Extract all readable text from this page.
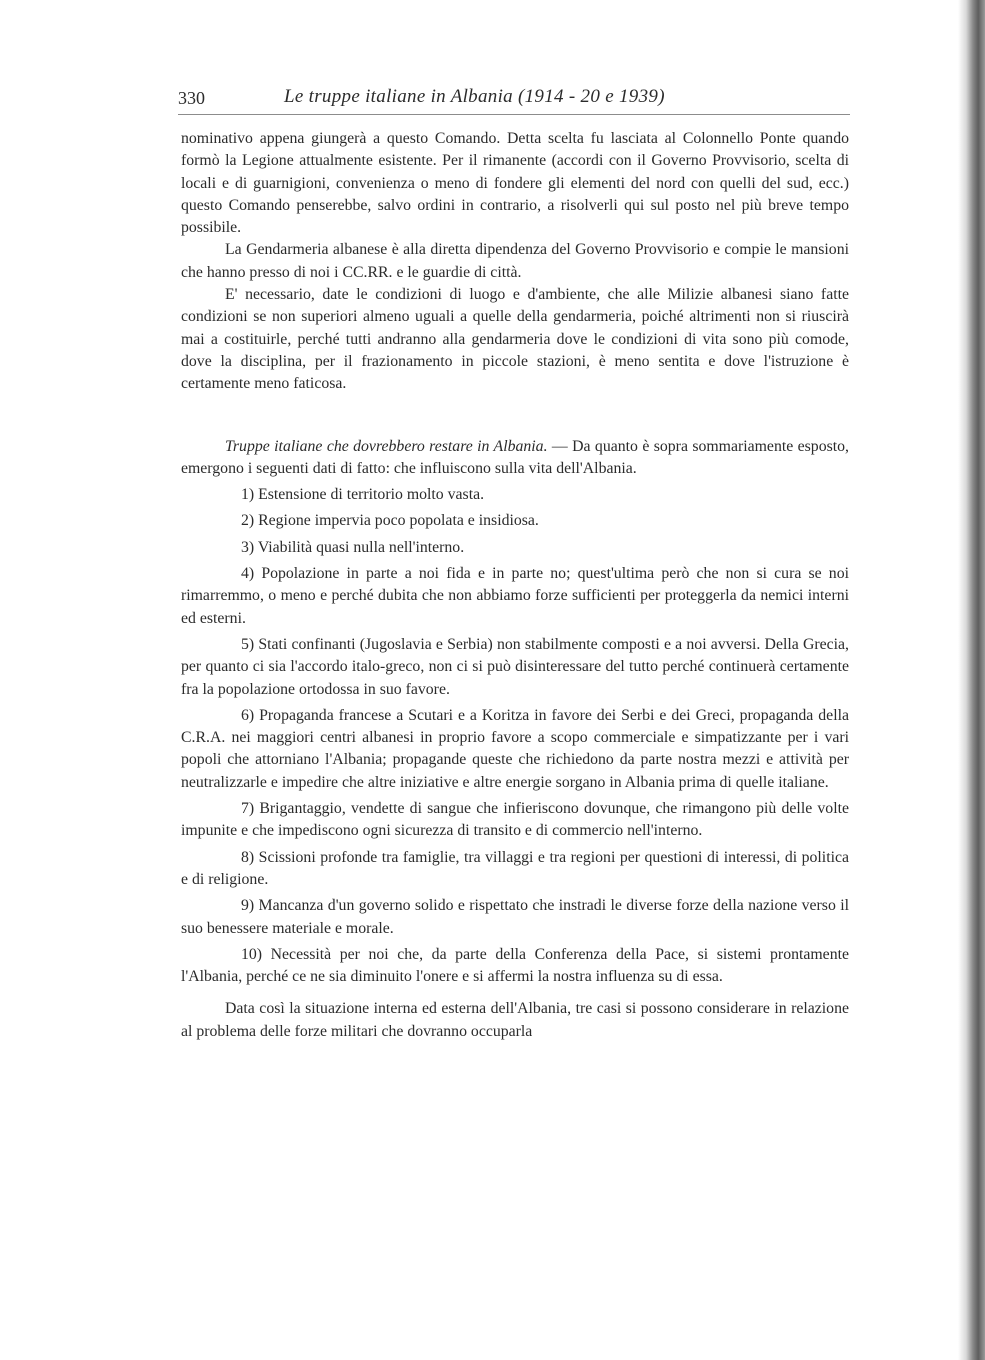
330	Le truppe italiane in Albania (1914 - 20 e 1939)

nominativo appena giungerà a questo Comando. Detta scelta fu lasciata al Colonnello Ponte quando formò la Legione attualmente esistente. Per il rimanente (accordi con il Governo Provvisorio, scelta di locali e di guarnigioni, convenienza o meno di fondere gli elementi del nord con quelli del sud, ecc.) questo Comando penserebbe, salvo ordini in contrario, a risolverli qui sul posto nel più breve tempo possibile.

La Gendarmeria albanese è alla diretta dipendenza del Governo Provvisorio e compie le mansioni che hanno presso di noi i CC.RR. e le guardie di città.

E' necessario, date le condizioni di luogo e d'ambiente, che alle Milizie albanesi siano fatte condizioni se non superiori almeno uguali a quelle della gendarmeria, poiché altrimenti non si riuscirà mai a costituirle, perché tutti andranno alla gendarmeria dove le condizioni di vita sono più comode, dove la disciplina, per il frazionamento in piccole stazioni, è meno sentita e dove l'istruzione è certamente meno faticosa.

Truppe italiane che dovrebbero restare in Albania. — Da quanto è sopra sommariamente esposto, emergono i seguenti dati di fatto: che influiscono sulla vita dell'Albania.

1) Estensione di territorio molto vasta.

2) Regione impervia poco popolata e insidiosa.

3) Viabilità quasi nulla nell'interno.

4) Popolazione in parte a noi fida e in parte no; quest'ultima però che non si cura se noi rimarremmo, o meno e perché dubita che non abbiamo forze sufficienti per proteggerla da nemici interni ed esterni.

5) Stati confinanti (Jugoslavia e Serbia) non stabilmente composti e a noi avversi. Della Grecia, per quanto ci sia l'accordo italo-greco, non ci si può disinteressare del tutto perché continuerà certamente fra la popolazione ortodossa in suo favore.

6) Propaganda francese a Scutari e a Koritza in favore dei Serbi e dei Greci, propaganda della C.R.A. nei maggiori centri albanesi in proprio favore a scopo commerciale e simpatizzante per i vari popoli che attorniano l'Albania; propagande queste che richiedono da parte nostra mezzi e attività per neutralizzarle e impedire che altre iniziative e altre energie sorgano in Albania prima di quelle italiane.

7) Brigantaggio, vendette di sangue che infieriscono dovunque, che rimangono più delle volte impunite e che impediscono ogni sicurezza di transito e di commercio nell'interno.

8) Scissioni profonde tra famiglie, tra villaggi e tra regioni per questioni di interessi, di politica e di religione.

9) Mancanza d'un governo solido e rispettato che instradi le diverse forze della nazione verso il suo benessere materiale e morale.

10) Necessità per noi che, da parte della Conferenza della Pace, si sistemi prontamente l'Albania, perché ce ne sia diminuito l'onere e si affermi la nostra influenza su di essa.

Data così la situazione interna ed esterna dell'Albania, tre casi si possono considerare in relazione al problema delle forze militari che dovranno occuparla
